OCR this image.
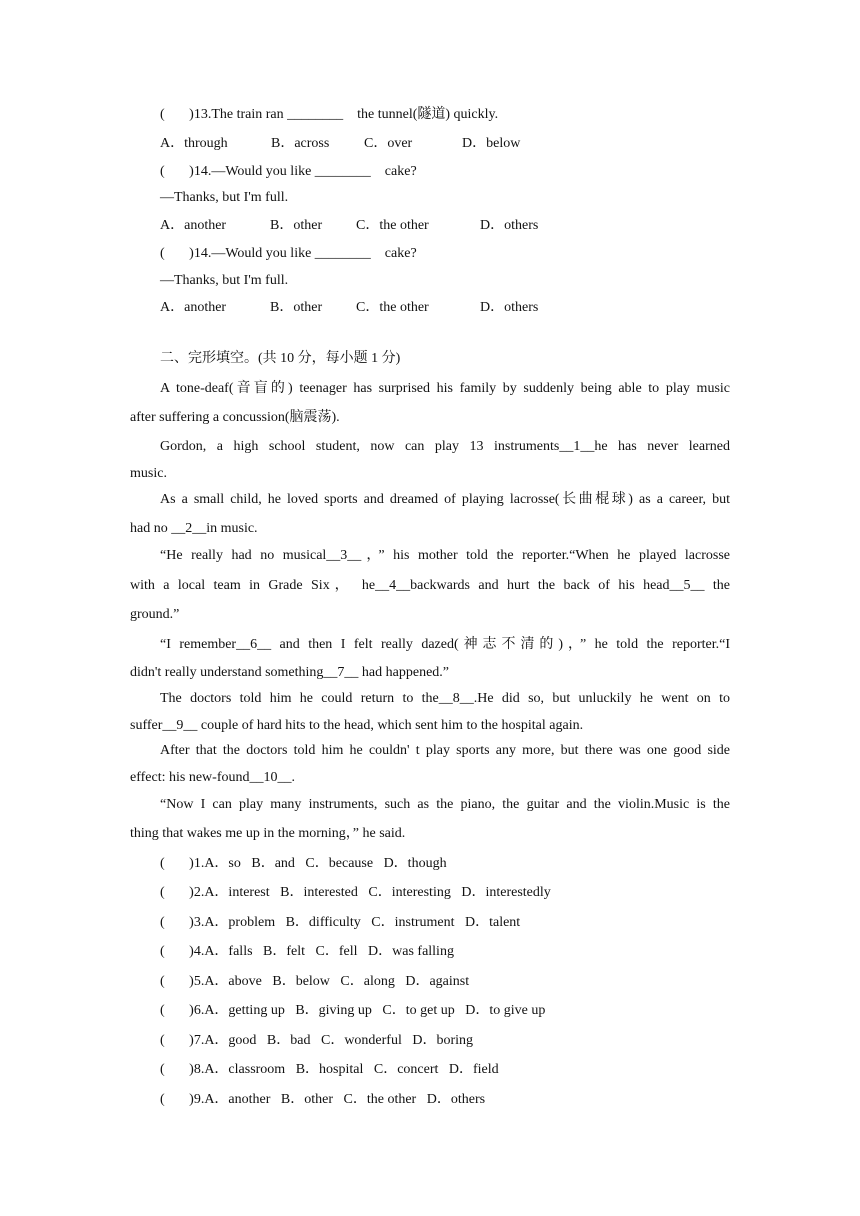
(       )13.The train ran ________    the tunnel(隧道) quickly.
A．through	B．across C．over	D．below
(       )14.—Would you like ________    cake?
—Thanks, but I'm full.
A．another	B．other C．the other	D．others
(       )14.—Would you like ________    cake?
—Thanks, but I'm full.
A．another	B．other C．the other	D．others
二、完形填空。(共 10 分，每小题 1 分)
A tone-deaf(音盲的) teenager has surprised his family by suddenly being able to play music
after suffering a concussion(脑震荡).
Gordon, a high school student, now can play 13 instruments__1__he has never learned
music.
As a small child, he loved sports and dreamed of playing lacrosse(长曲棍球) as a career, but
had no __2__in music.
“He really had no musical__3__，” his mother told the reporter.“When he played lacrosse
with a local team in Grade Six， he__4__backwards and hurt the back of his head__5__ the
ground.”
“I remember__6__ and then I felt really dazed(神志不清的)，” he told the reporter.“I
didn't really understand something__7__ had happened.”
The doctors told him he could return to the__8__.He did so, but unluckily he went on to
suffer__9__ couple of hard hits to the head, which sent him to the hospital again.
After that the doctors told him he couldn' t play sports any more, but there was one good side
effect: his new-found__10__.
“Now I can play many instruments, such as the piano, the guitar and the violin.Music is the
thing that wakes me up in the morning，” he said.
(       )1.A．so   B．and   C．because   D．though
(       )2.A．interest   B．interested   C．interesting   D．interestedly
(       )3.A．problem   B．difficulty   C．instrument   D．talent
(       )4.A．falls   B．felt   C．fell   D．was falling
(       )5.A．above   B．below   C．along   D．against
(       )6.A．getting up   B．giving up   C．to get up   D．to give up
(       )7.A．good   B．bad   C．wonderful   D．boring
(       )8.A．classroom   B．hospital   C．concert   D．field
(       )9.A．another   B．other   C．the other   D．others
